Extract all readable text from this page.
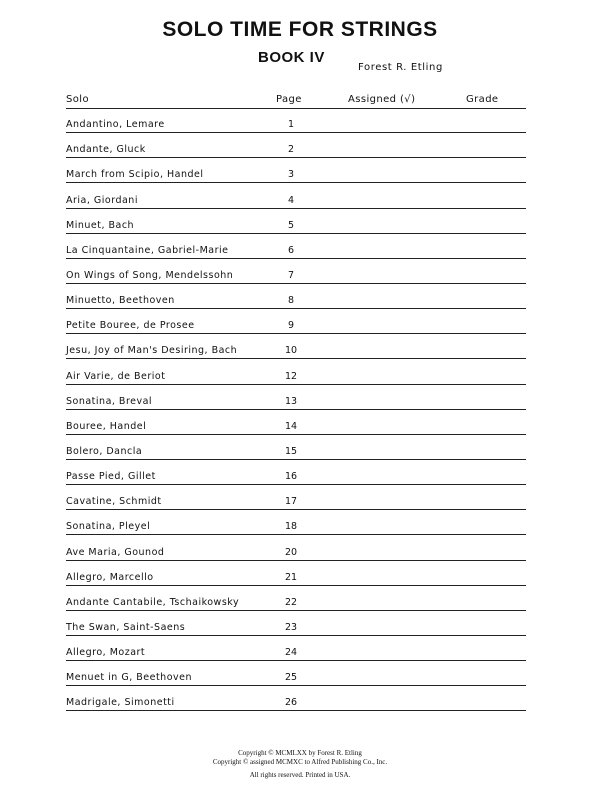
SOLO TIME FOR STRINGS
BOOK IV
Forest R. Etling
Solo	Page	Assigned (√)	Grade
Andantino, Lemare	1
Andante, Gluck	2
March from Scipio, Handel	3
Aria, Giordani	4
Minuet, Bach	5
La Cinquantaine, Gabriel-Marie	6
On Wings of Song, Mendelssohn	7
Minuetto, Beethoven	8
Petite Bouree, de Prosee	9
Jesu, Joy of Man's Desiring, Bach	10
Air Varie, de Beriot	12
Sonatina, Breval	13
Bouree, Handel	14
Bolero, Dancla	15
Passe Pied, Gillet	16
Cavatine, Schmidt	17
Sonatina, Pleyel	18
Ave Maria, Gounod	20
Allegro, Marcello	21
Andante Cantabile, Tschaikowsky	22
The Swan, Saint-Saens	23
Allegro, Mozart	24
Menuet in G, Beethoven	25
Madrigale, Simonetti	26
Copyright © MCMLXX by Forest R. Etling
Copyright © assigned MCMXC to Alfred Publishing Co., Inc.
All rights reserved. Printed in USA.
